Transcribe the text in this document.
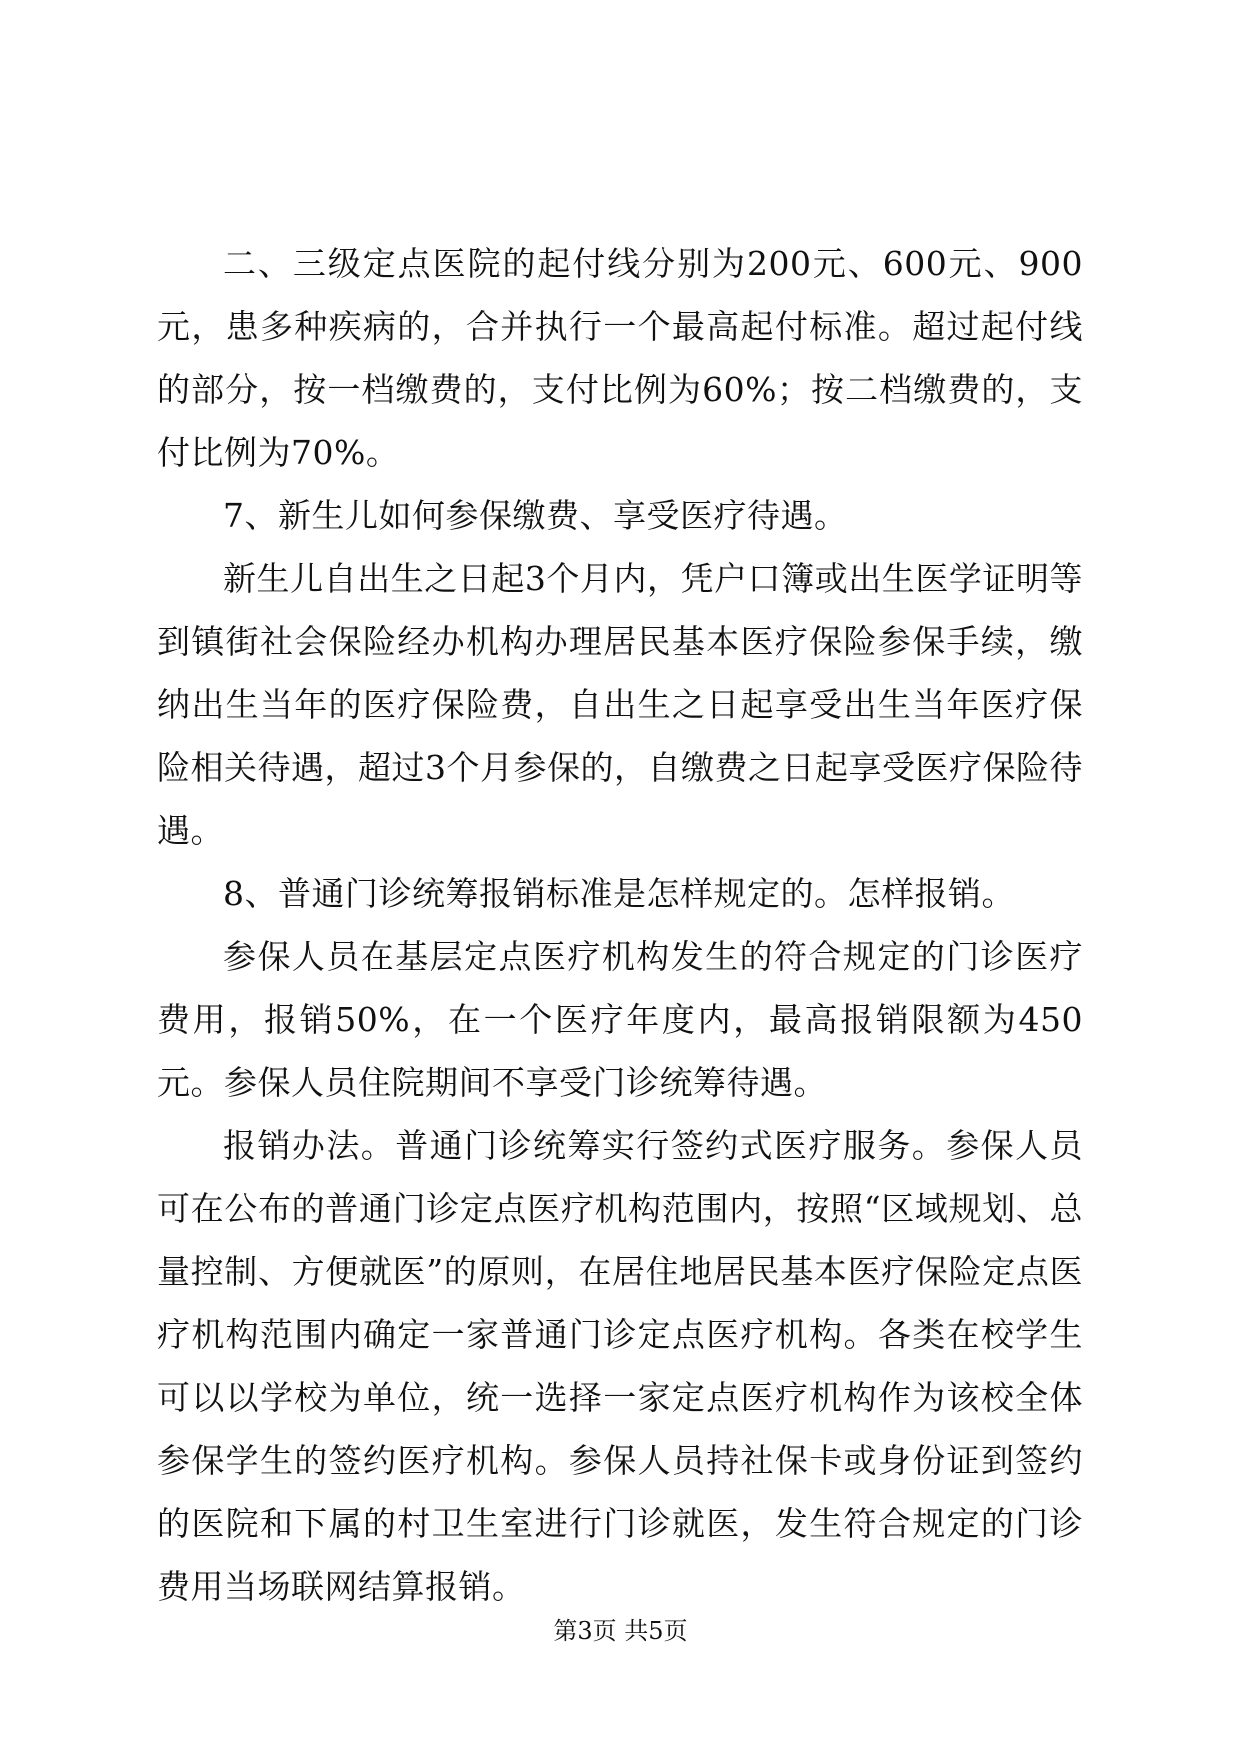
二、三级定点医院的起付线分别为200元、600元、900元，患多种疾病的，合并执行一个最高起付标准。超过起付线的部分，按一档缴费的，支付比例为60%；按二档缴费的，支付比例为70%。

7、新生儿如何参保缴费、享受医疗待遇。

新生儿自出生之日起3个月内，凭户口簿或出生医学证明等到镇街社会保险经办机构办理居民基本医疗保险参保手续，缴纳出生当年的医疗保险费，自出生之日起享受出生当年医疗保险相关待遇，超过3个月参保的，自缴费之日起享受医疗保险待遇。

8、普通门诊统筹报销标准是怎样规定的。怎样报销。

参保人员在基层定点医疗机构发生的符合规定的门诊医疗费用，报销50%，在一个医疗年度内，最高报销限额为450元。参保人员住院期间不享受门诊统筹待遇。

报销办法。普通门诊统筹实行签约式医疗服务。参保人员可在公布的普通门诊定点医疗机构范围内，按照“区域规划、总量控制、方便就医”的原则，在居住地居民基本医疗保险定点医疗机构范围内确定一家普通门诊定点医疗机构。各类在校学生可以以学校为单位，统一选择一家定点医疗机构作为该校全体参保学生的签约医疗机构。参保人员持社保卡或身份证到签约的医院和下属的村卫生室进行门诊就医，发生符合规定的门诊费用当场联网结算报销。

第3页 共5页
